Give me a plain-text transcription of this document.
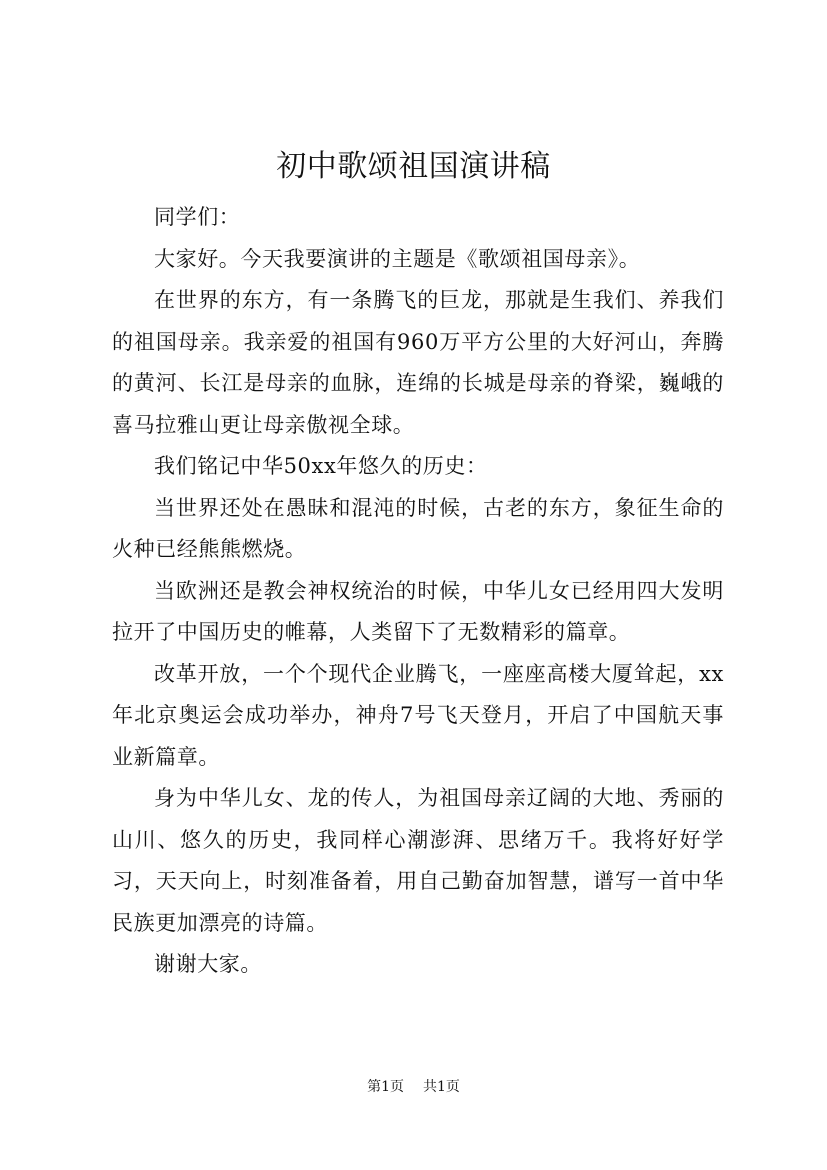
初中歌颂祖国演讲稿

同学们：

大家好。今天我要演讲的主题是《歌颂祖国母亲》。

在世界的东方，有一条腾飞的巨龙，那就是生我们、养我们的祖国母亲。我亲爱的祖国有960万平方公里的大好河山，奔腾的黄河、长江是母亲的血脉，连绵的长城是母亲的脊梁，巍峨的喜马拉雅山更让母亲傲视全球。

我们铭记中华50xx年悠久的历史：

当世界还处在愚昧和混沌的时候，古老的东方，象征生命的火种已经熊熊燃烧。

当欧洲还是教会神权统治的时候，中华儿女已经用四大发明拉开了中国历史的帷幕，人类留下了无数精彩的篇章。

改革开放，一个个现代企业腾飞，一座座高楼大厦耸起，xx年北京奥运会成功举办，神舟7号飞天登月，开启了中国航天事业新篇章。

身为中华儿女、龙的传人，为祖国母亲辽阔的大地、秀丽的山川、悠久的历史，我同样心潮澎湃、思绪万千。我将好好学习，天天向上，时刻准备着，用自己勤奋加智慧，谱写一首中华民族更加漂亮的诗篇。

谢谢大家。

第1页 共1页
